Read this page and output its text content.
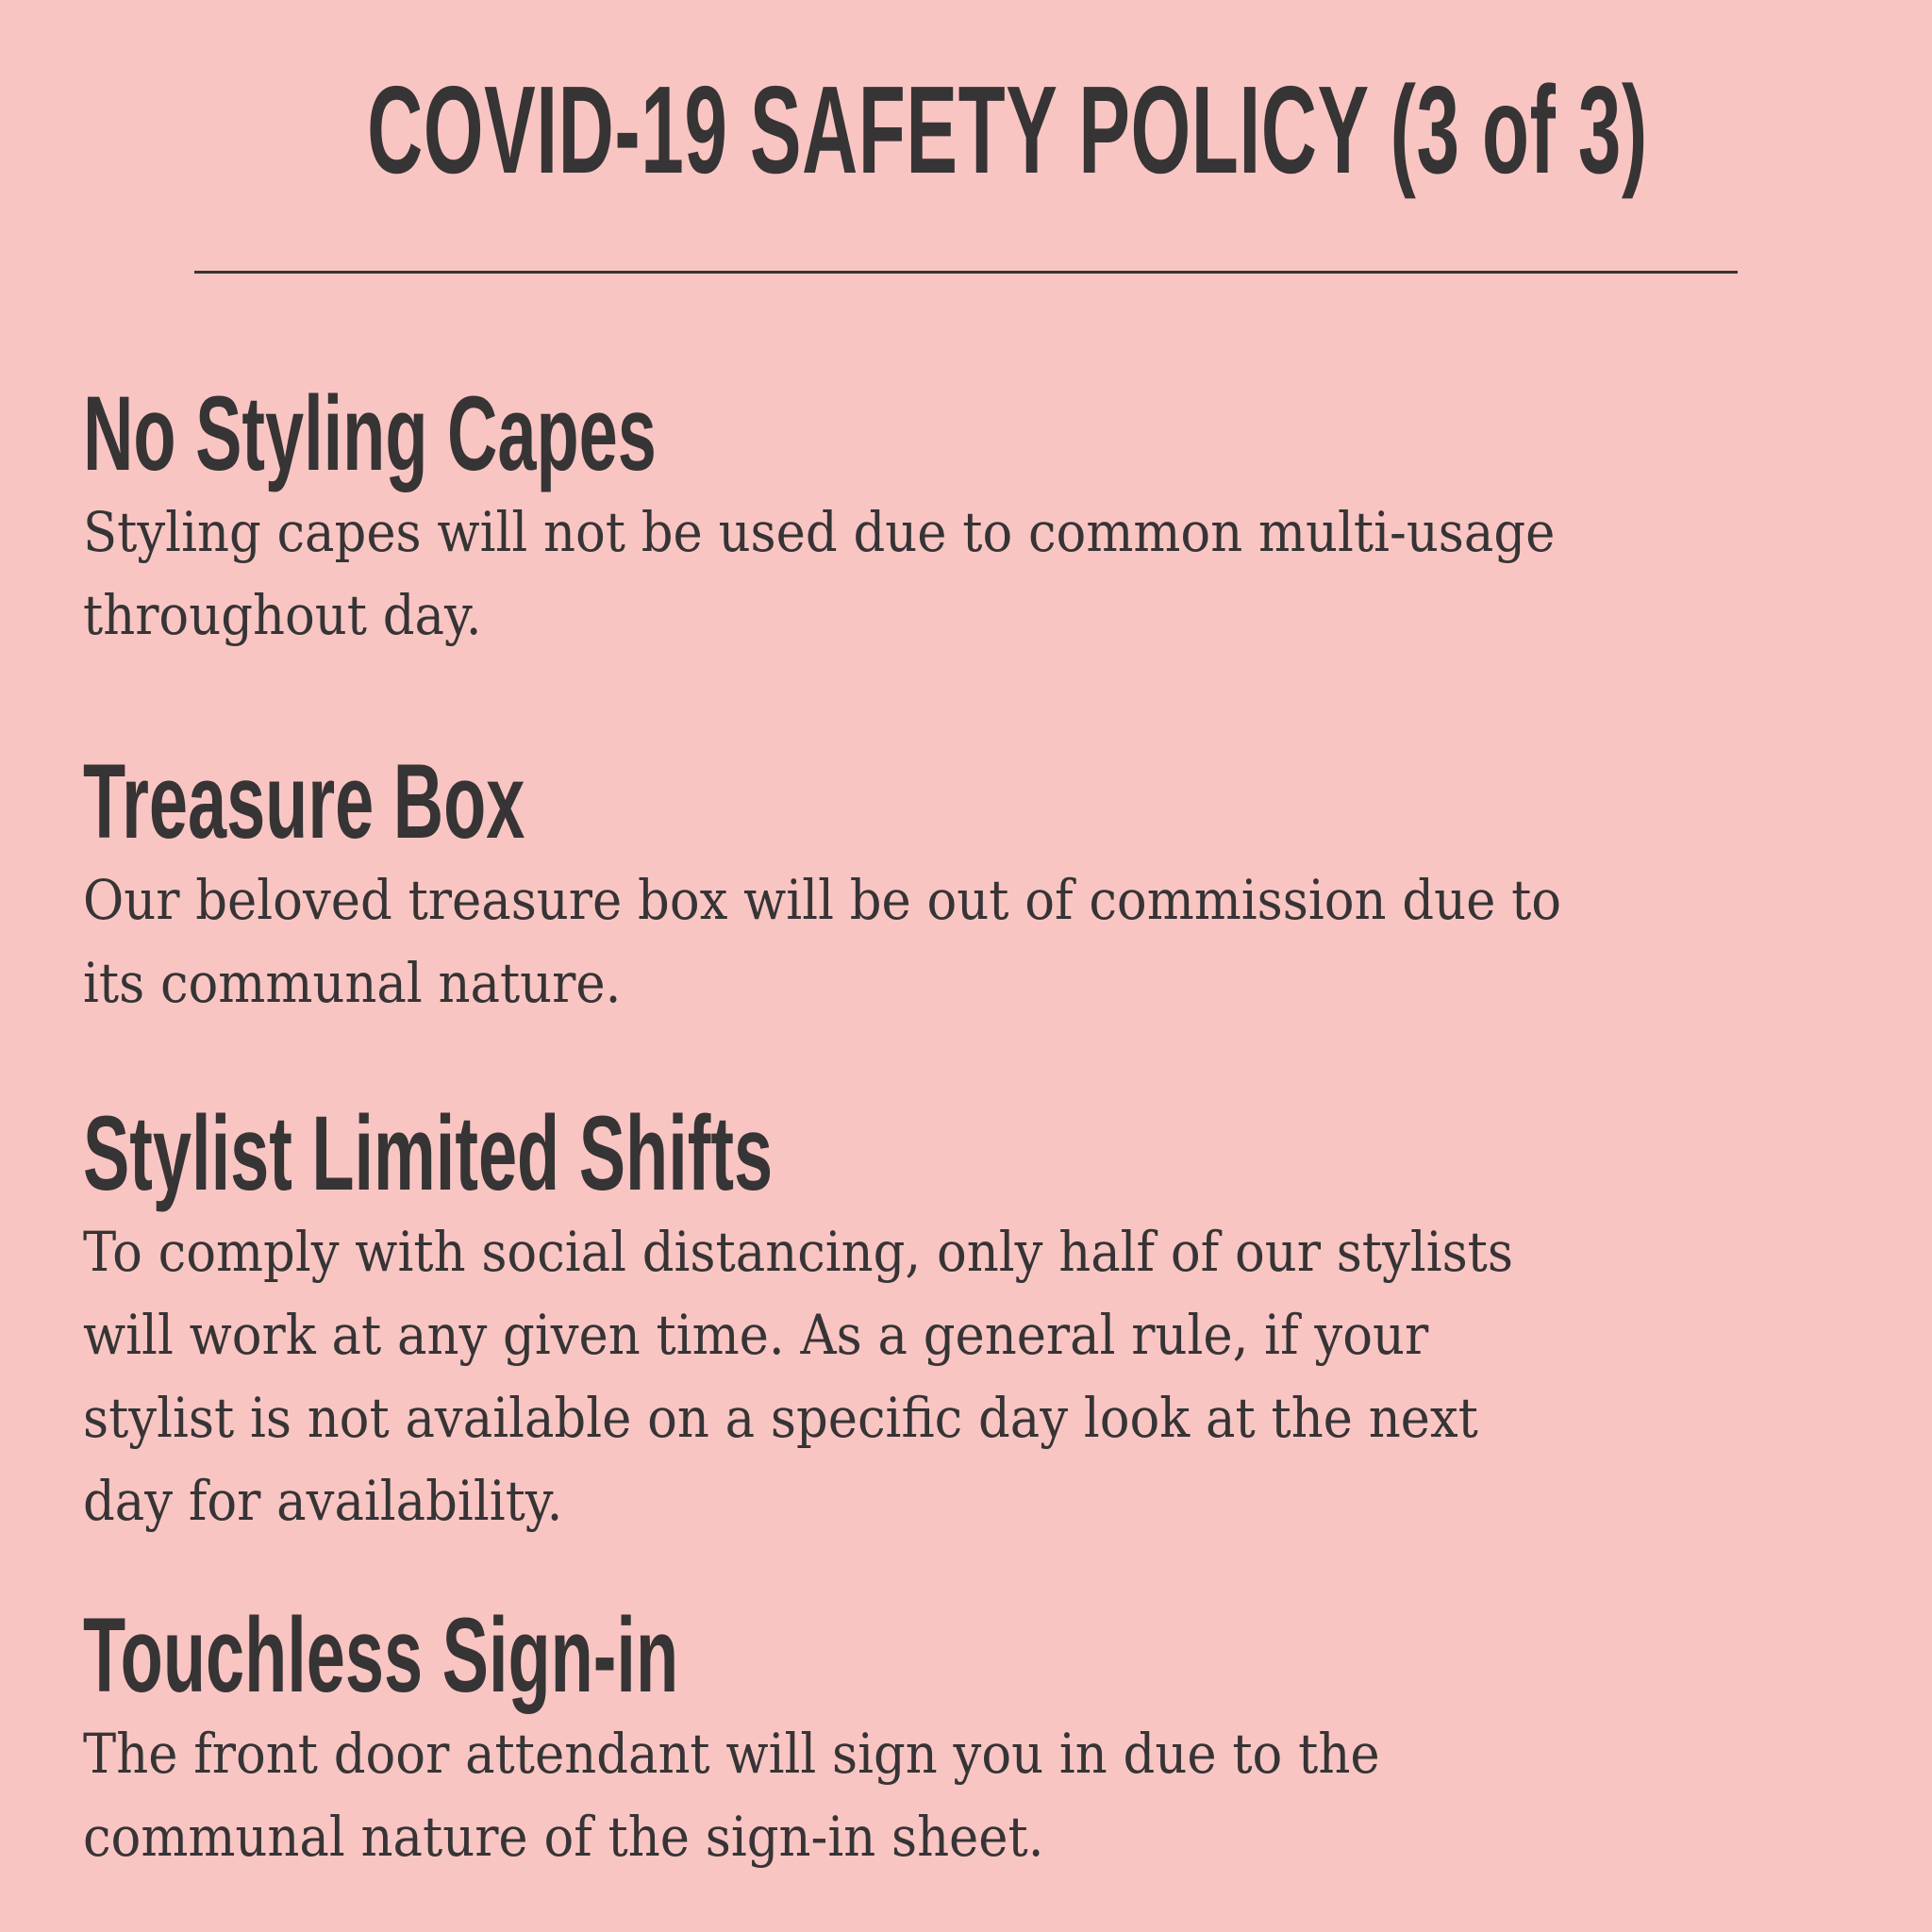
COVID-19 SAFETY POLICY (3 of 3)
No Styling Capes

Styling capes will not be used due to common multi-usage
throughout day.

Treasure Box

Our beloved treasure box will be out of commission due to
its communal nature.

Stylist Limited Shifts

To comply with social distancing, only half of our stylists
will work at any given time. As a general rule, if your
stylist is not available on a specific day look at the next
day for availability.

Touchless Sign-in

The front door attendant will sign you in due to the
communal nature of the sign-in sheet.
